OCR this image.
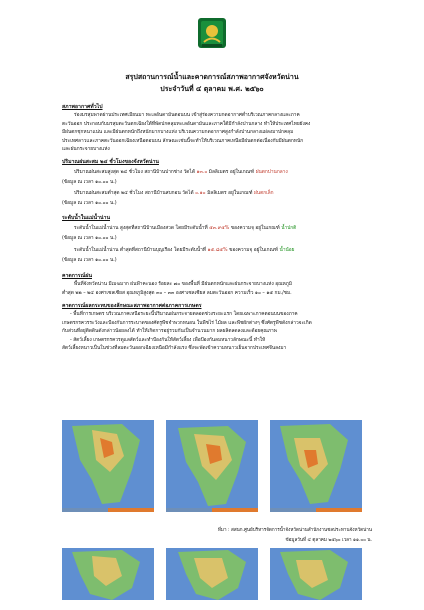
สรุปสถานการณ์น้ำและคาดการณ์สภาพอากาศจังหวัดน่าน
ประจำวันที่ ๔ ตุลาคม พ.ศ. ๒๕๖๐
สภาพอากาศทั่วไป
ร่องมรสุมพาดผ่านประเทศเมียนมา ทะเลอันดามันตอนบน เข้าสู่ร่องความกดอากาศต่ำบริเวณภาคกลางและภาค
ตะวันออก ประกอบกับมรสุมตะวันตกเฉียงใต้ที่พัดปกคลุมทะเลอันดามันและภาคใต้มีกำลังปานกลาง ทำให้ประเทศไทยยังคง
มีฝนตกชุกหนาแน่น และมีฝนตกหนักถึงหนักมากบางแห่ง บริเวณความกดอากาศสูงกำลังปานกลางแผ่ลงมาปกคลุม
ประเทศลาวและภาคตะวันออกเฉียงเหนือตอนบน ลักษณะเช่นนี้จะทำให้บริเวณภาคเหนือมีฝนตกต่อเนื่องกับมีฝนตกหนัก
และฝนกระจายบางแห่ง
ปริมาณฝนสะสม ๒๔ ชั่วโมงของจังหวัดน่าน
ปริมาณฝนสะสมสูงสุด ๒๔ ชั่วโมง สถานีบ้านปากช่าง วัดได้ ๑๓.๐ มิลลิเมตร อยู่ในเกณฑ์ ฝนตกปานกลาง
(ข้อมูล ณ เวลา ๑๐.๐๐ น.)
ปริมาณฝนสะสมต่ำสุด ๒๔ ชั่วโมง สถานีบ้านสบกอน วัดได้ ๐.๑๐ มิลลิเมตร อยู่ในเกณฑ์ ฝนตกเล็ก
(ข้อมูล ณ เวลา ๑๐.๐๐ น.)
ระดับน้ำในแม่น้ำน่าน
ระดับน้ำในแม่น้ำน่าน สูงสุดที่สถานีบ้านเมืองสวด โดยมีระดับน้ำที่ ๕๓.๙๕% ของความจุ อยู่ในเกณฑ์ น้ำปกติ
(ข้อมูล ณ เวลา ๑๐.๐๐ น.)
ระดับน้ำในแม่น้ำน่าน ต่ำสุดที่สถานีบ้านบุญเรือง โดยมีระดับน้ำที่ ๑๕.๘๕% ของความจุ อยู่ในเกณฑ์ น้ำน้อย
(ข้อมูล ณ เวลา ๑๐.๐๐ น.)
คาดการณ์ฝน
พื้นที่จังหวัดน่าน มีเมฆมาก ฝนฟ้าคะนอง ร้อยละ ๗๐ ของพื้นที่ มีฝนตกหนักและฝนกระจายบางแห่ง อุณหภูมิ
ต่ำสุด ๒๒ – ๒๔ องศาเซลเซียส อุณหภูมิสูงสุด ๓๐ – ๓๓ องศาเซลเซียส ลมตะวันออก ความเร็ว ๑๐ – ๑๕ กม./ชม.
คาดการณ์ผลกระทบของลักษณะสภาพอากาศต่อภาคการเกษตร
- พื้นที่การเกษตร บริเวณภาคเหนือระยะนี้ปริมาณฝนกระจายตลอดช่วงระยะแรก โดยเฉพาะภาคตอนบนของภาค
เกษตรกรควรระวังและป้องกันการระบาดของศัตรูพืชจำพวกหนอน ในพืชไร่ ไม้ผล และพืชผักต่างๆ ซึ่งศัตรูพืชดังกล่าวจะเกิด
กับส่วนที่อยู่ติดดินดังกล่าวน้อยลงได้ ทำให้เกิดการอยู่รวมกันเป็นจำนวนมาก ผลผลิตลดลงและด้อยคุณภาพ
- สัตว์เลี้ยง เกษตรกรควรดูแลสัตว์และทำป้องกันให้สัตว์เลี้ยง เพื่อป้องกันลมหนาวลักษณะนี้ ทำให้
สัตว์เลี้ยงหนาวเป็นในช่วงที่ลมตะวันออกเฉียงเหนือมีกำลังแรง ซึ่งจะพัดเข้าความหนาวเย็นจากประเทศจีนลงมา
ที่มา : สสนก.ศูนย์บริหารจัดการน้ำจังหวัดน่านสำนักงานชลประทานจังหวัดน่าน
ข้อมูลวันที่ ๔ ตุลาคม ๒๕๖๐ เวลา ๑๑.๐๐ น.
